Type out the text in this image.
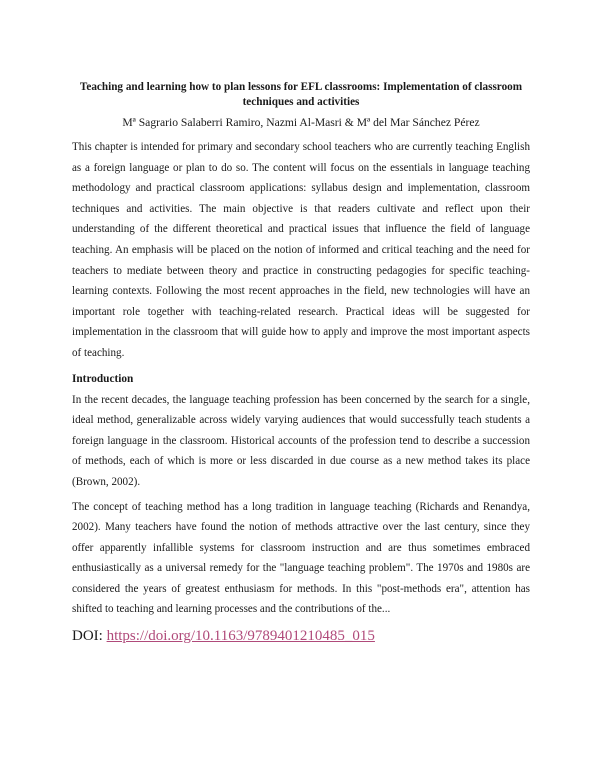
Teaching and learning how to plan lessons for EFL classrooms: Implementation of classroom techniques and activities
Mª Sagrario Salaberri Ramiro, Nazmi Al-Masri & Mª del Mar Sánchez Pérez

This chapter is intended for primary and secondary school teachers who are currently teaching English as a foreign language or plan to do so. The content will focus on the essentials in language teaching methodology and practical classroom applications: syllabus design and implementation, classroom techniques and activities. The main objective is that readers cultivate and reflect upon their understanding of the different theoretical and practical issues that influence the field of language teaching. An emphasis will be placed on the notion of informed and critical teaching and the need for teachers to mediate between theory and practice in constructing pedagogies for specific teaching-learning contexts. Following the most recent approaches in the field, new technologies will have an important role together with teaching-related research. Practical ideas will be suggested for implementation in the classroom that will guide how to apply and improve the most important aspects of teaching.

Introduction

In the recent decades, the language teaching profession has been concerned by the search for a single, ideal method, generalizable across widely varying audiences that would successfully teach students a foreign language in the classroom. Historical accounts of the profession tend to describe a succession of methods, each of which is more or less discarded in due course as a new method takes its place (Brown, 2002).

The concept of teaching method has a long tradition in language teaching (Richards and Renandya, 2002). Many teachers have found the notion of methods attractive over the last century, since they offer apparently infallible systems for classroom instruction and are thus sometimes embraced enthusiastically as a universal remedy for the "language teaching problem". The 1970s and 1980s are considered the years of greatest enthusiasm for methods. In this "post-methods era", attention has shifted to teaching and learning processes and the contributions of the...

DOI: https://doi.org/10.1163/9789401210485_015
